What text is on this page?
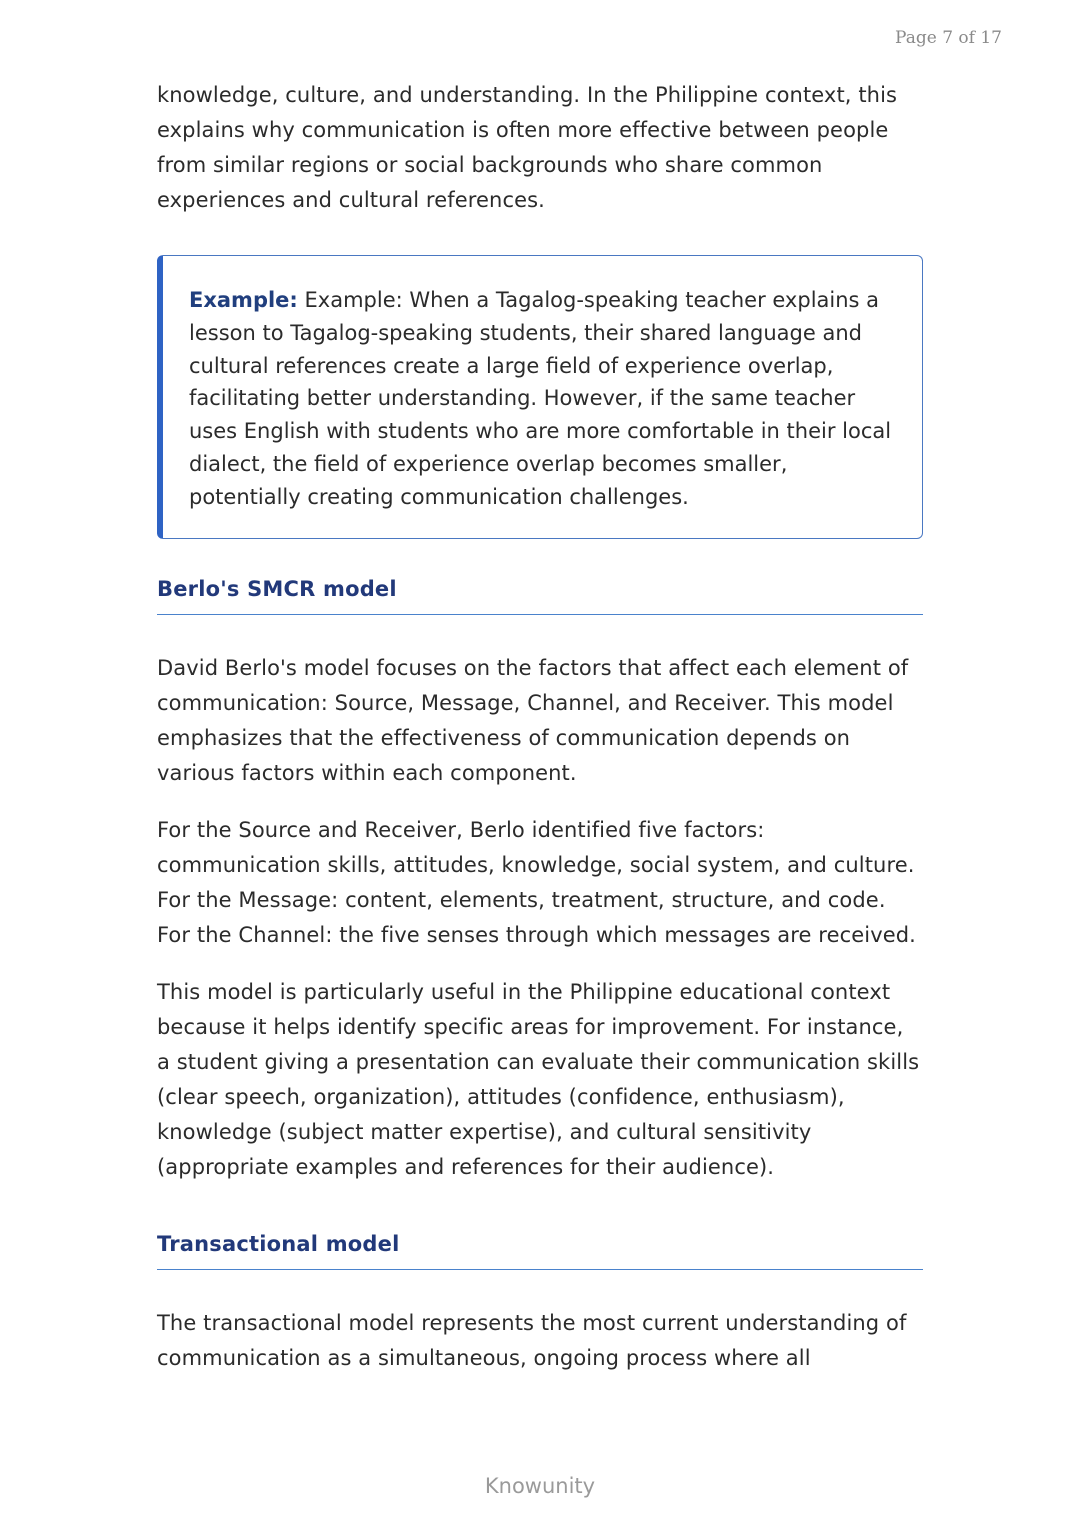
Page 7 of 17

knowledge, culture, and understanding. In the Philippine context, this explains why communication is often more effective between people from similar regions or social backgrounds who share common experiences and cultural references.

Example: Example: When a Tagalog-speaking teacher explains a lesson to Tagalog-speaking students, their shared language and cultural references create a large field of experience overlap, facilitating better understanding. However, if the same teacher uses English with students who are more comfortable in their local dialect, the field of experience overlap becomes smaller, potentially creating communication challenges.

Berlo's SMCR model

David Berlo's model focuses on the factors that affect each element of communication: Source, Message, Channel, and Receiver. This model emphasizes that the effectiveness of communication depends on various factors within each component.

For the Source and Receiver, Berlo identified five factors: communication skills, attitudes, knowledge, social system, and culture. For the Message: content, elements, treatment, structure, and code. For the Channel: the five senses through which messages are received.

This model is particularly useful in the Philippine educational context because it helps identify specific areas for improvement. For instance, a student giving a presentation can evaluate their communication skills (clear speech, organization), attitudes (confidence, enthusiasm), knowledge (subject matter expertise), and cultural sensitivity (appropriate examples and references for their audience).

Transactional model

The transactional model represents the most current understanding of communication as a simultaneous, ongoing process where all

Knowunity
